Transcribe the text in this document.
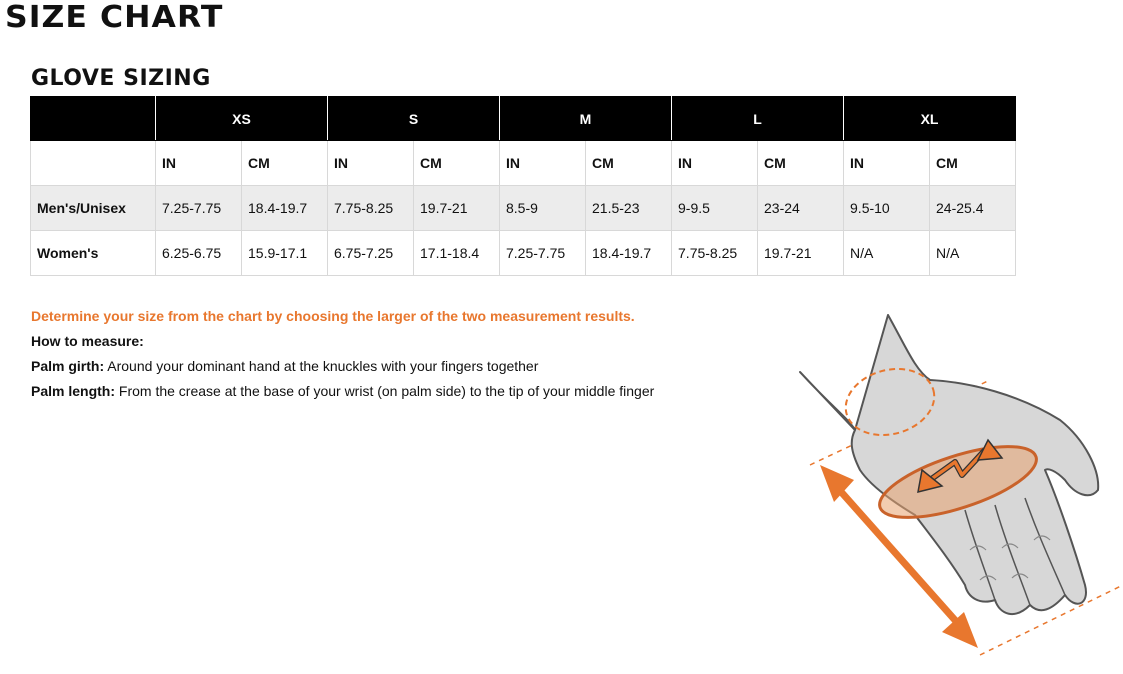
SIZE CHART
GLOVE SIZING
	XS		S		M		L		XL	
	IN	CM	IN	CM	IN	CM	IN	CM	IN	CM
Men's/Unisex	7.25-7.75	18.4-19.7	7.75-8.25	19.7-21	8.5-9	21.5-23	9-9.5	23-24	9.5-10	24-25.4
Women's	6.25-6.75	15.9-17.1	6.75-7.25	17.1-18.4	7.25-7.75	18.4-19.7	7.75-8.25	19.7-21	N/A	N/A

Determine your size from the chart by choosing the larger of the two measurement results.

How to measure:

Palm girth: Around your dominant hand at the knuckles with your fingers together

Palm length: From the crease at the base of your wrist (on palm side) to the tip of your middle finger
